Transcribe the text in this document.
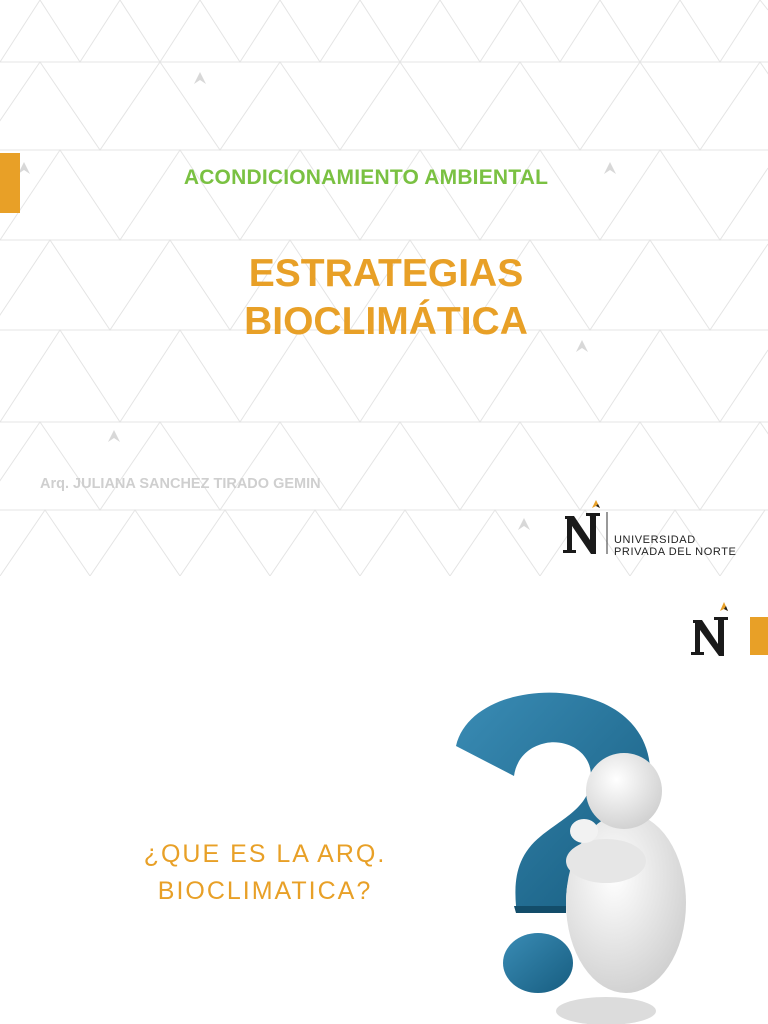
ACONDICIONAMIENTO AMBIENTAL
ESTRATEGIAS
BIOCLIMÁTICA
Arq. JULIANA SANCHEZ TIRADO GEMIN
UNIVERSIDAD
PRIVADA DEL NORTE
¿QUE ES LA ARQ.
BIOCLIMATICA?
